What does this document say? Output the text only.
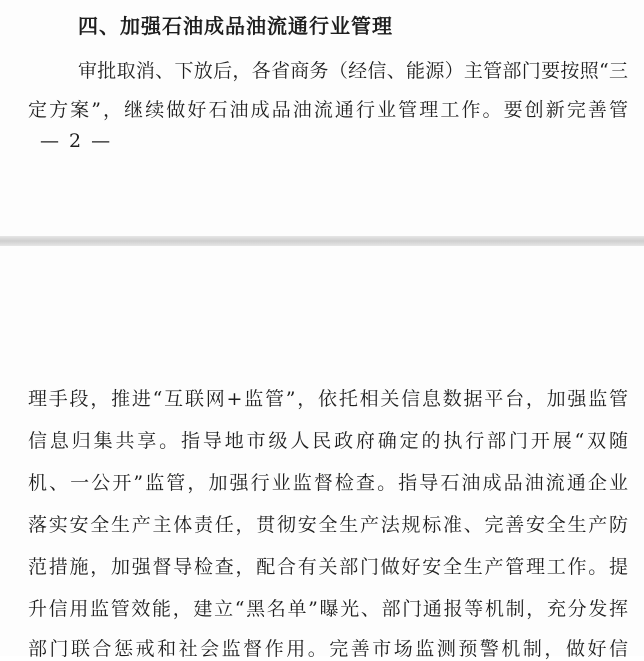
四、加强石油成品油流通行业管理
审批取消、下放后，各省商务（经信、能源）主管部门要按照“三
定方案”，继续做好石油成品油流通行业管理工作。要创新完善管
— 2 —
理手段，推进“互联网+监管”，依托相关信息数据平台，加强监管
信息归集共享。指导地市级人民政府确定的执行部门开展“双随
机、一公开”监管，加强行业监督检查。指导石油成品油流通企业
落实安全生产主体责任，贯彻安全生产法规标准、完善安全生产防
范措施，加强督导检查，配合有关部门做好安全生产管理工作。提
升信用监管效能，建立“黑名单”曝光、部门通报等机制，充分发挥
部门联合惩戒和社会监督作用。完善市场监测预警机制，做好信
